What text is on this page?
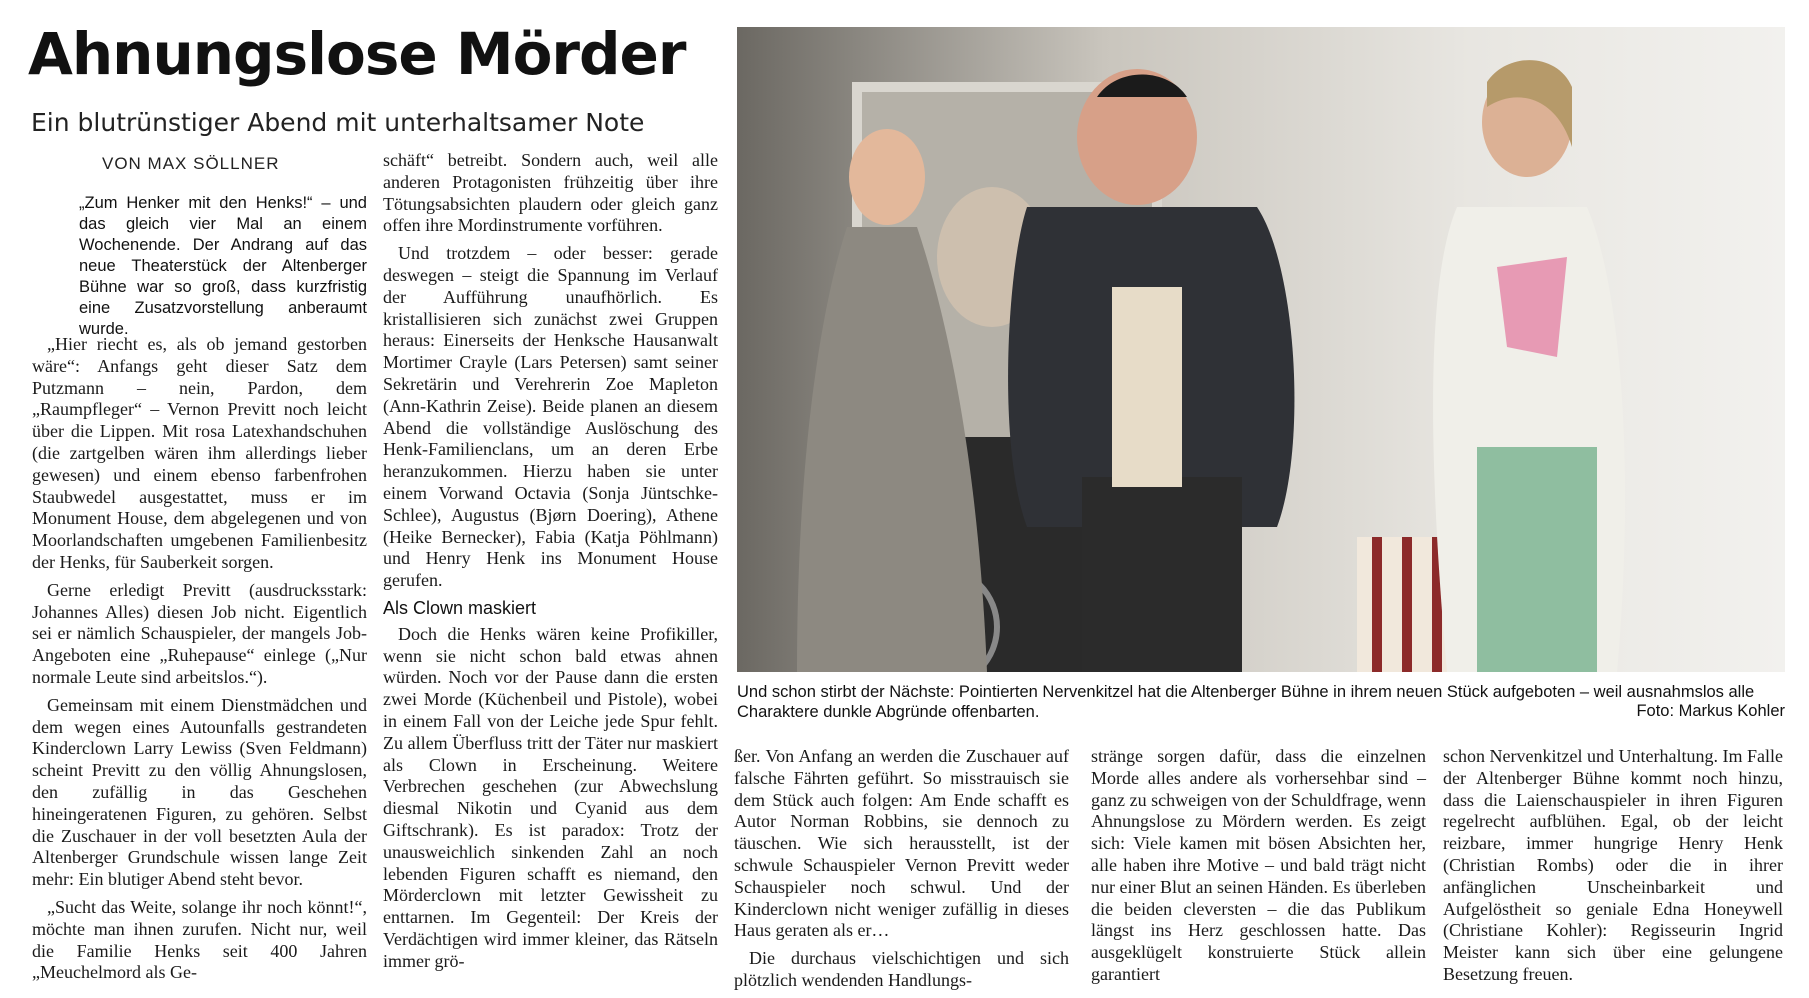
Ahnungslose Mörder
Ein blutrünstiger Abend mit unterhaltsamer Note
VON MAX SÖLLNER
„Zum Henker mit den Henks!“ – und das gleich vier Mal an einem Wochenende. Der Andrang auf das neue Theaterstück der Altenberger Bühne war so groß, dass kurzfristig eine Zusatzvorstellung anberaumt wurde.

„Hier riecht es, als ob jemand gestorben wäre“: Anfangs geht dieser Satz dem Putzmann – nein, Pardon, dem „Raumpfleger“ – Vernon Previtt noch leicht über die Lippen. Mit rosa Latexhandschuhen (die zartgelben wären ihm allerdings lieber gewesen) und einem ebenso farbenfrohen Staubwedel ausgestattet, muss er im Monument House, dem abgelegenen und von Moorlandschaften umgebenen Familienbesitz der Henks, für Sauberkeit sorgen.

Gerne erledigt Previtt (ausdrucksstark: Johannes Alles) diesen Job nicht. Eigentlich sei er nämlich Schauspieler, der mangels Job-Angeboten eine „Ruhepause“ einlege („Nur normale Leute sind arbeitslos.“).

Gemeinsam mit einem Dienstmädchen und dem wegen eines Autounfalls gestrandeten Kinderclown Larry Lewiss (Sven Feldmann) scheint Previtt zu den völlig Ahnungslosen, den zufällig in das Geschehen hineingeratenen Figuren, zu gehören. Selbst die Zuschauer in der voll besetzten Aula der Altenberger Grundschule wissen lange Zeit mehr: Ein blutiger Abend steht bevor.

„Sucht das Weite, solange ihr noch könnt!“, möchte man ihnen zurufen. Nicht nur, weil die Familie Henks seit 400 Jahren „Meuchelmord als Ge-

schäft“ betreibt. Sondern auch, weil alle anderen Protagonisten frühzeitig über ihre Tötungsabsichten plaudern oder gleich ganz offen ihre Mordinstrumente vorführen.

Und trotzdem – oder besser: gerade deswegen – steigt die Spannung im Verlauf der Aufführung unaufhörlich. Es kristallisieren sich zunächst zwei Gruppen heraus: Einerseits der Henksche Hausanwalt Mortimer Crayle (Lars Petersen) samt seiner Sekretärin und Verehrerin Zoe Mapleton (Ann-Kathrin Zeise). Beide planen an diesem Abend die vollständige Auslöschung des Henk-Familienclans, um an deren Erbe heranzukommen. Hierzu haben sie unter einem Vorwand Octavia (Sonja Jüntschke-Schlee), Augustus (Bjørn Doering), Athene (Heike Bernecker), Fabia (Katja Pöhlmann) und Henry Henk ins Monument House gerufen.

Als Clown maskiert

Doch die Henks wären keine Profikiller, wenn sie nicht schon bald etwas ahnen würden. Noch vor der Pause dann die ersten zwei Morde (Küchenbeil und Pistole), wobei in einem Fall von der Leiche jede Spur fehlt. Zu allem Überfluss tritt der Täter nur maskiert als Clown in Erscheinung. Weitere Verbrechen geschehen (zur Abwechslung diesmal Nikotin und Cyanid aus dem Giftschrank). Es ist paradox: Trotz der unausweichlich sinkenden Zahl an noch lebenden Figuren schafft es niemand, den Mörderclown mit letzter Gewissheit zu enttarnen. Im Gegenteil: Der Kreis der Verdächtigen wird immer kleiner, das Rätseln immer grö-

Und schon stirbt der Nächste: Pointierten Nervenkitzel hat die Altenberger Bühne in ihrem neuen Stück aufgeboten – weil ausnahmslos alle Charaktere dunkle Abgründe offenbarten.	Foto: Markus Kohler

ßer. Von Anfang an werden die Zuschauer auf falsche Fährten geführt. So misstrauisch sie dem Stück auch folgen: Am Ende schafft es Autor Norman Robbins, sie dennoch zu täuschen. Wie sich herausstellt, ist der schwule Schauspieler Vernon Previtt weder Schauspieler noch schwul. Und der Kinderclown nicht weniger zufällig in dieses Haus geraten als er…

Die durchaus vielschichtigen und sich plötzlich wendenden Handlungs-

stränge sorgen dafür, dass die einzelnen Morde alles andere als vorhersehbar sind – ganz zu schweigen von der Schuldfrage, wenn Ahnungslose zu Mördern werden. Es zeigt sich: Viele kamen mit bösen Absichten her, alle haben ihre Motive – und bald trägt nicht nur einer Blut an seinen Händen. Es überleben die beiden cleversten – die das Publikum längst ins Herz geschlossen hatte. Das ausgeklügelt konstruierte Stück allein garantiert

schon Nervenkitzel und Unterhaltung. Im Falle der Altenberger Bühne kommt noch hinzu, dass die Laienschauspieler in ihren Figuren regelrecht aufblühen. Egal, ob der leicht reizbare, immer hungrige Henry Henk (Christian Rombs) oder die in ihrer anfänglichen Unscheinbarkeit und Aufgelöstheit so geniale Edna Honeywell (Christiane Kohler): Regisseurin Ingrid Meister kann sich über eine gelungene Besetzung freuen.
